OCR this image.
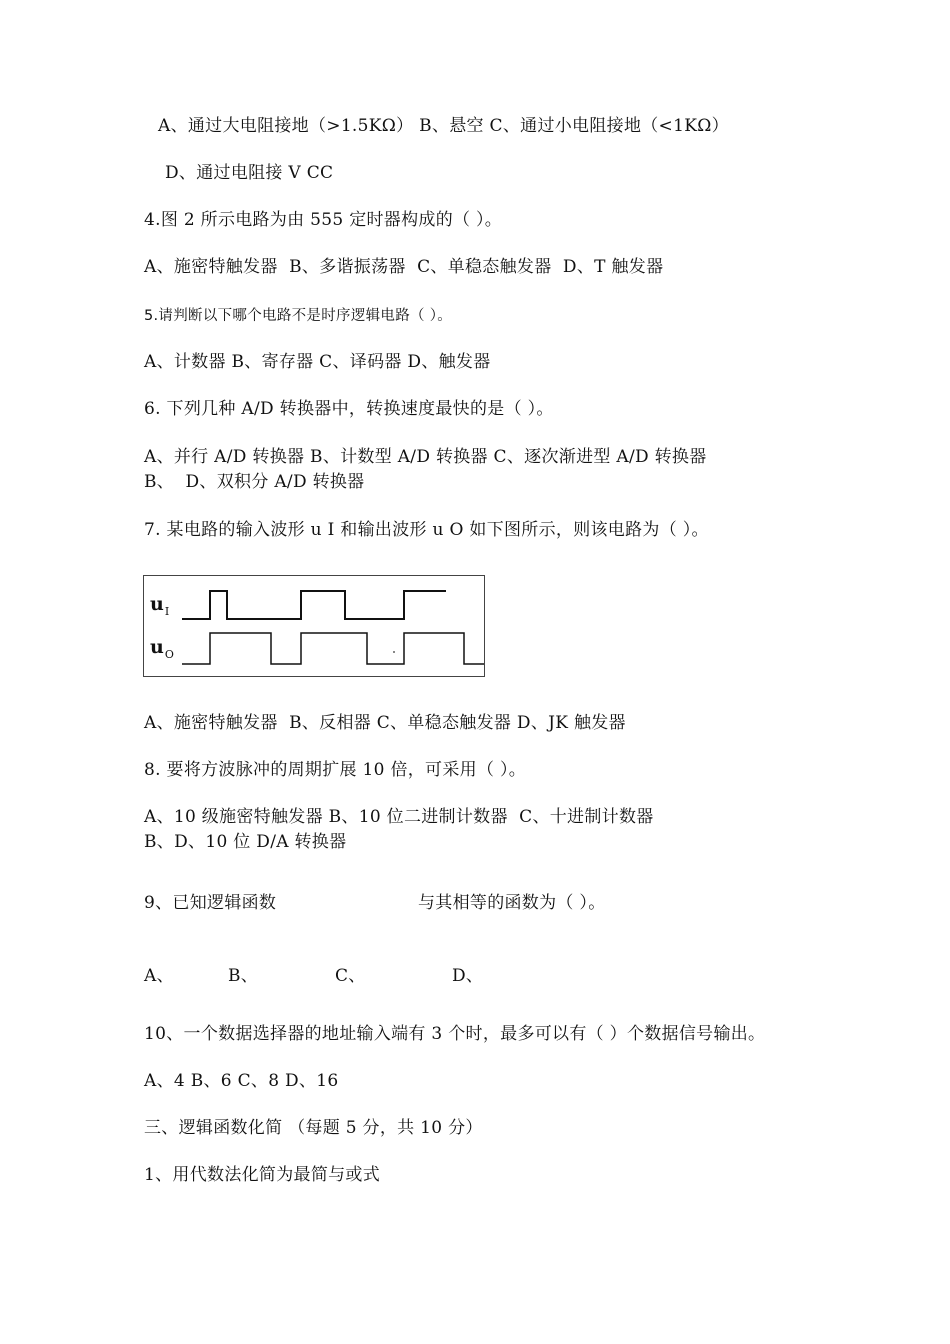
A、通过大电阻接地（>1.5KΩ） B、悬空 C、通过小电阻接地（<1KΩ）
D、通过电阻接 V CC
4.图 2 所示电路为由 555 定时器构成的（ ）。
A、施密特触发器  B、多谐振荡器  C、单稳态触发器  D、T 触发器
5.请判断以下哪个电路不是时序逻辑电路（ ）。
A、计数器 B、寄存器 C、译码器 D、触发器
6. 下列几种 A/D 转换器中，转换速度最快的是（ ）。
A、并行 A/D 转换器 B、计数型 A/D 转换器 C、逐次渐进型 A/D 转换器
B、  D、双积分 A/D 转换器
7. 某电路的输入波形 u I 和输出波形 u O 如下图所示，则该电路为（ ）。
$u_I$
$u_O$
A、施密特触发器  B、反相器 C、单稳态触发器 D、JK 触发器
8. 要将方波脉冲的周期扩展 10 倍，可采用（ ）。
A、10 级施密特触发器 B、10 位二进制计数器  C、十进制计数器
B、D、10 位 D/A 转换器
9、已知逻辑函数	与其相等的函数为（ ）。
A、	B、	C、	D、
10、一个数据选择器的地址输入端有 3 个时，最多可以有（ ）个数据信号输出。
A、4 B、6 C、8 D、16
三、逻辑函数化简 （每题 5 分，共 10 分）
1、用代数法化简为最简与或式
